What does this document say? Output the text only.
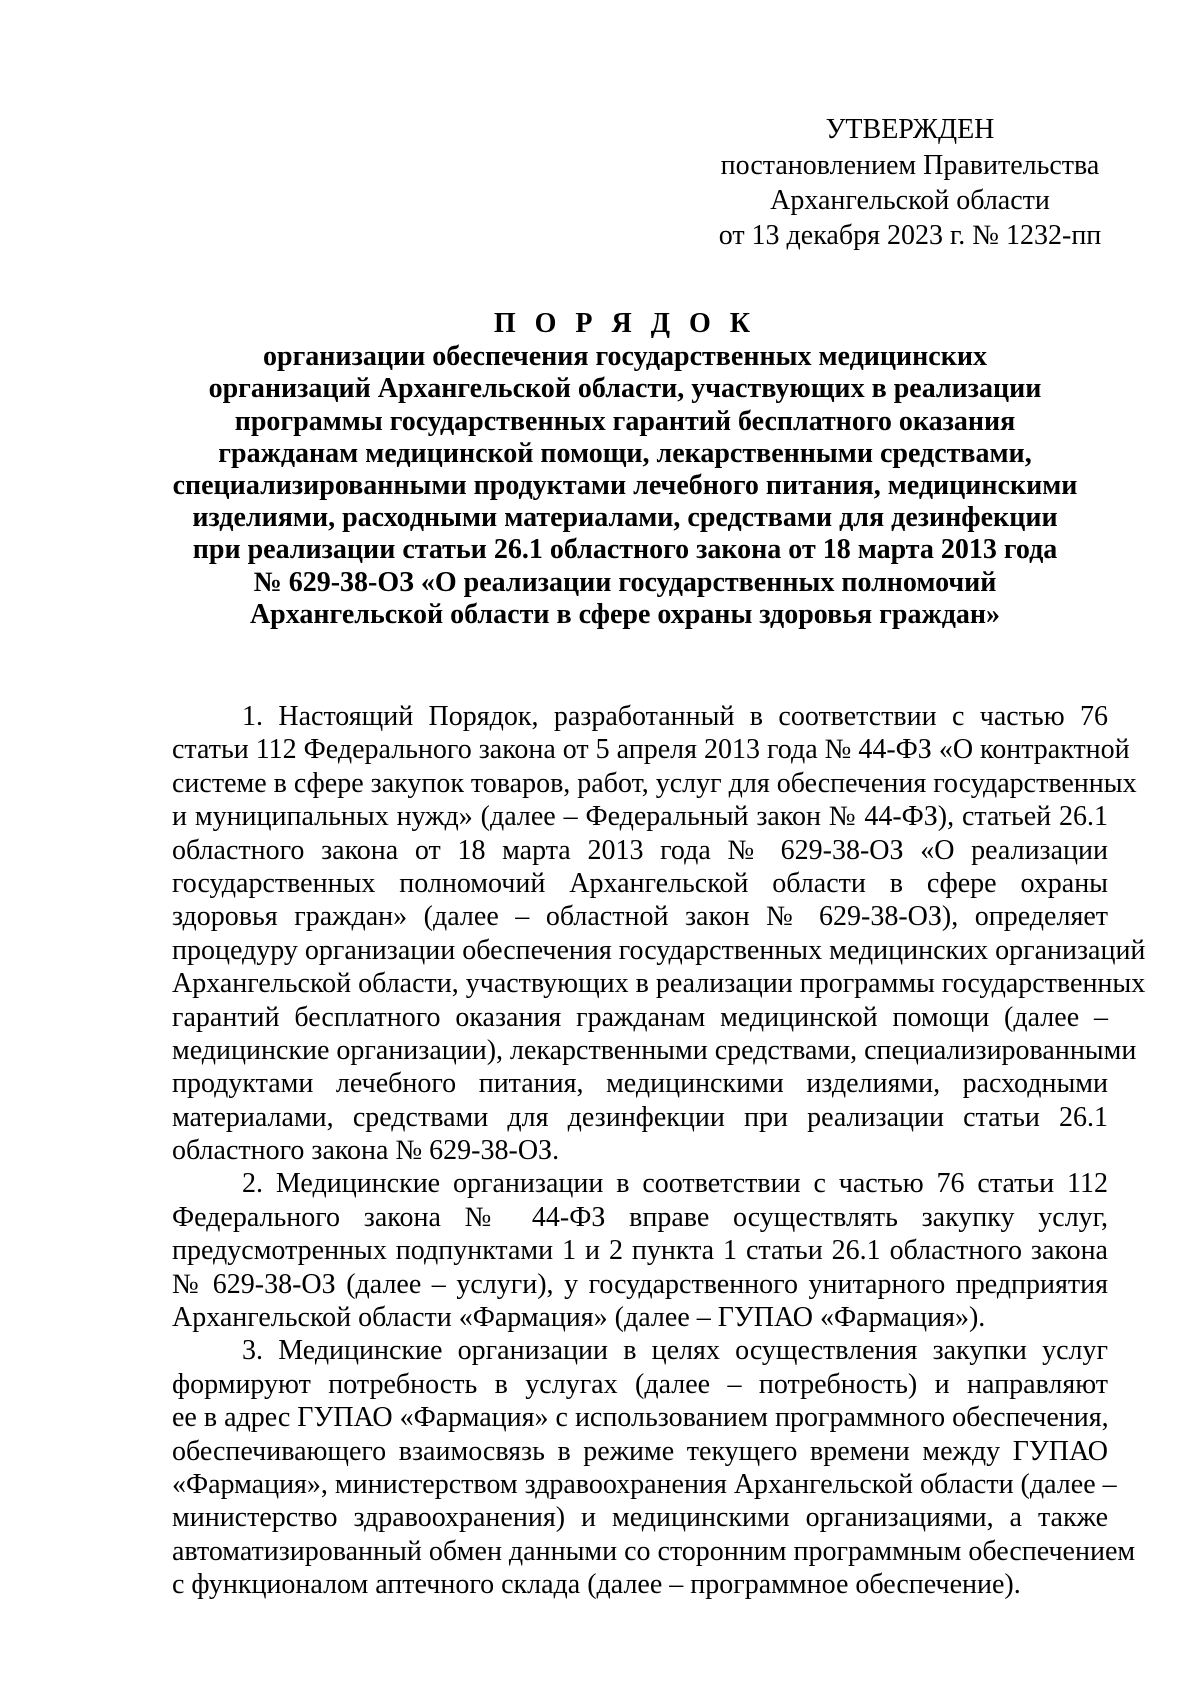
УТВЕРЖДЕН
постановлением Правительства
Архангельской области
от 13 декабря 2023 г. № 1232-пп
П О Р Я Д О К
организации обеспечения государственных медицинских
организаций Архангельской области, участвующих в реализации
программы государственных гарантий бесплатного оказания
гражданам медицинской помощи, лекарственными средствами,
специализированными продуктами лечебного питания, медицинскими
изделиями, расходными материалами, средствами для дезинфекции
при реализации статьи 26.1 областного закона от 18 марта 2013 года
№ 629-38-ОЗ «О реализации государственных полномочий
Архангельской области в сфере охраны здоровья граждан»
1. Настоящий Порядок, разработанный в соответствии с частью 76
статьи 112 Федерального закона от 5 апреля 2013 года № 44-ФЗ «О контрактной
системе в сфере закупок товаров, работ, услуг для обеспечения государственных
и муниципальных нужд» (далее – Федеральный закон № 44-ФЗ), статьей 26.1
областного закона от 18 марта 2013 года № 629-38-ОЗ «О реализации
государственных полномочий Архангельской области в сфере охраны
здоровья граждан» (далее – областной закон № 629-38-ОЗ), определяет
процедуру организации обеспечения государственных медицинских организаций
Архангельской области, участвующих в реализации программы государственных
гарантий бесплатного оказания гражданам медицинской помощи (далее –
медицинские организации), лекарственными средствами, специализированными
продуктами лечебного питания, медицинскими изделиями, расходными
материалами, средствами для дезинфекции при реализации статьи 26.1
областного закона № 629-38-ОЗ.
2. Медицинские организации в соответствии с частью 76 статьи 112
Федерального закона № 44-ФЗ вправе осуществлять закупку услуг,
предусмотренных подпунктами 1 и 2 пункта 1 статьи 26.1 областного закона
№ 629-38-ОЗ (далее – услуги), у государственного унитарного предприятия
Архангельской области «Фармация» (далее – ГУПАО «Фармация»).
3. Медицинские организации в целях осуществления закупки услуг
формируют потребность в услугах (далее – потребность) и направляют
ее в адрес ГУПАО «Фармация» с использованием программного обеспечения,
обеспечивающего взаимосвязь в режиме текущего времени между ГУПАО
«Фармация», министерством здравоохранения Архангельской области (далее –
министерство здравоохранения) и медицинскими организациями, а также
автоматизированный обмен данными со сторонним программным обеспечением
с функционалом аптечного склада (далее – программное обеспечение).
